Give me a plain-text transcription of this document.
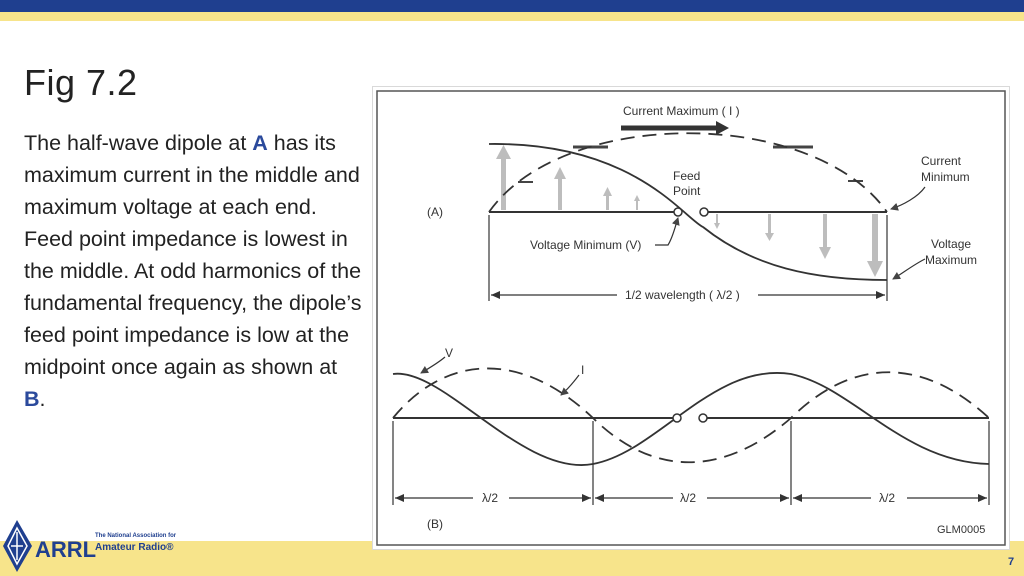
Fig 7.2

The half-wave dipole at A has its maximum current in the middle and maximum voltage at each end. Feed point impedance is lowest in the middle. At odd harmonics of the fundamental frequency, the dipole’s feed point impedance is low at the midpoint once again as shown at B.

Current Maximum ( I )
Feed
Point
Current
Minimum
(A)
Voltage Minimum (V)	Voltage
Maximum
1/2 wavelength ( λ/2 )
V
I
λ/2	λ/2	λ/2
(B)	GLM0005
ARRL
The National Association for
Amateur Radio®
7
